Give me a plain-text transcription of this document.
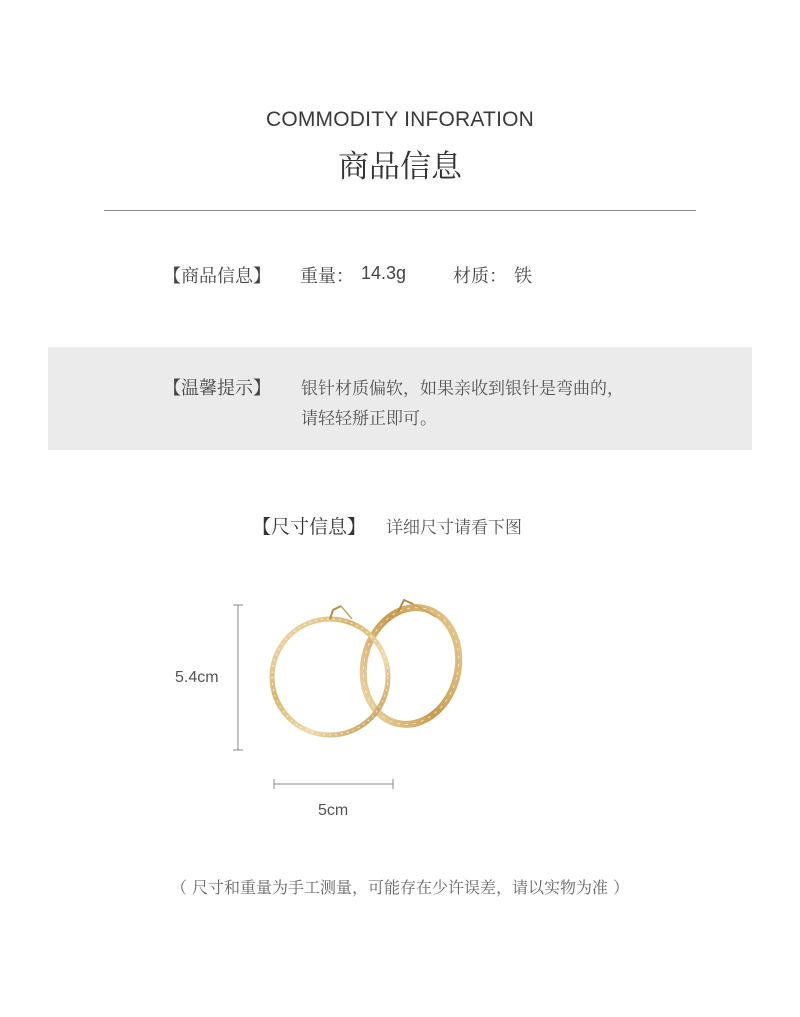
COMMODITY INFORATION
商品信息
【商品信息】 重量： 14.3g	材质： 铁
【温馨提示】 银针材质偏软，如果亲收到银针是弯曲的，
请轻轻掰正即可。
【尺寸信息】 详细尺寸请看下图
5.4cm
5cm
（ 尺寸和重量为手工测量，可能存在少许误差，请以实物为准 ）
